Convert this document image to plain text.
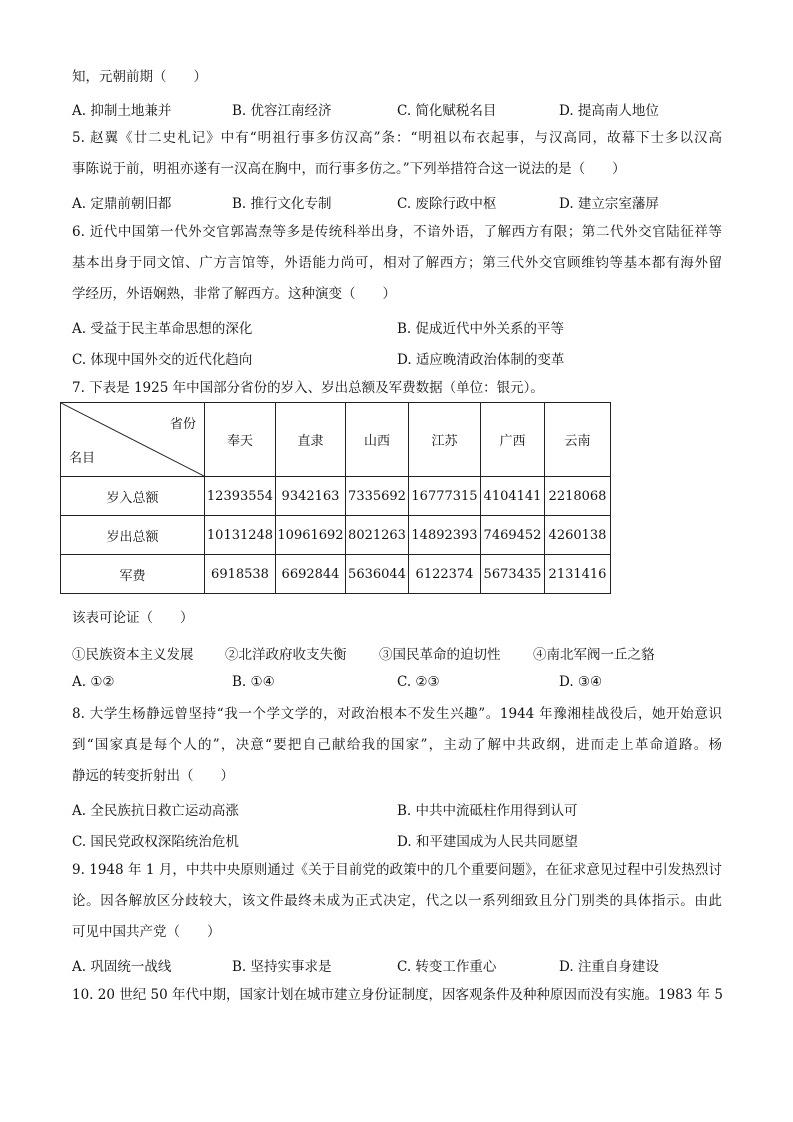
知，元朝前期（　　）
A. 抑制土地兼并	B. 优容江南经济	C. 简化赋税名目	D. 提高南人地位
5. 赵翼《廿二史札记》中有“明祖行事多仿汉高”条：“明祖以布衣起事，与汉高同，故幕下士多以汉高
事陈说于前，明祖亦遂有一汉高在胸中，而行事多仿之。”下列举措符合这一说法的是（　　）
A. 定鼎前朝旧都	B. 推行文化专制	C. 废除行政中枢	D. 建立宗室藩屏
6. 近代中国第一代外交官郭嵩焘等多是传统科举出身，不谙外语，了解西方有限；第二代外交官陆征祥等
基本出身于同文馆、广方言馆等，外语能力尚可，相对了解西方；第三代外交官顾维钧等基本都有海外留
学经历，外语娴熟，非常了解西方。这种演变（　　）
A. 受益于民主革命思想的深化	B. 促成近代中外关系的平等
C. 体现中国外交的近代化趋向	D. 适应晚清政治体制的变革
7. 下表是 1925 年中国部分省份的岁入、岁出总额及军费数据（单位：银元）。
省份
名目	奉天	直隶	山西	江苏	广西	云南
岁入总额	12393554	9342163	7335692	16777315	4104141	2218068
岁出总额	10131248	10961692	8021263	14892393	7469452	4260138
军费	6918538	6692844	5636044	6122374	5673435	2131416
该表可论证（　　）
①民族资本主义发展 ②北洋政府收支失衡 ③国民革命的迫切性 ④南北军阀一丘之貉
A. ①②	B. ①④	C. ②③	D. ③④
8. 大学生杨静远曾坚持“我一个学文学的，对政治根本不发生兴趣”。1944 年豫湘桂战役后，她开始意识
到“国家真是每个人的”，决意“要把自己献给我的国家”，主动了解中共政纲，进而走上革命道路。杨
静远的转变折射出（　　）
A. 全民族抗日救亡运动高涨	B. 中共中流砥柱作用得到认可
C. 国民党政权深陷统治危机	D. 和平建国成为人民共同愿望
9. 1948 年 1 月，中共中央原则通过《关于目前党的政策中的几个重要问题》，在征求意见过程中引发热烈讨
论。因各解放区分歧较大，该文件最终未成为正式决定，代之以一系列细致且分门别类的具体指示。由此
可见中国共产党（　　）
A. 巩固统一战线	B. 坚持实事求是	C. 转变工作重心	D. 注重自身建设
10. 20 世纪 50 年代中期，国家计划在城市建立身份证制度，因客观条件及种种原因而没有实施。1983 年 5
